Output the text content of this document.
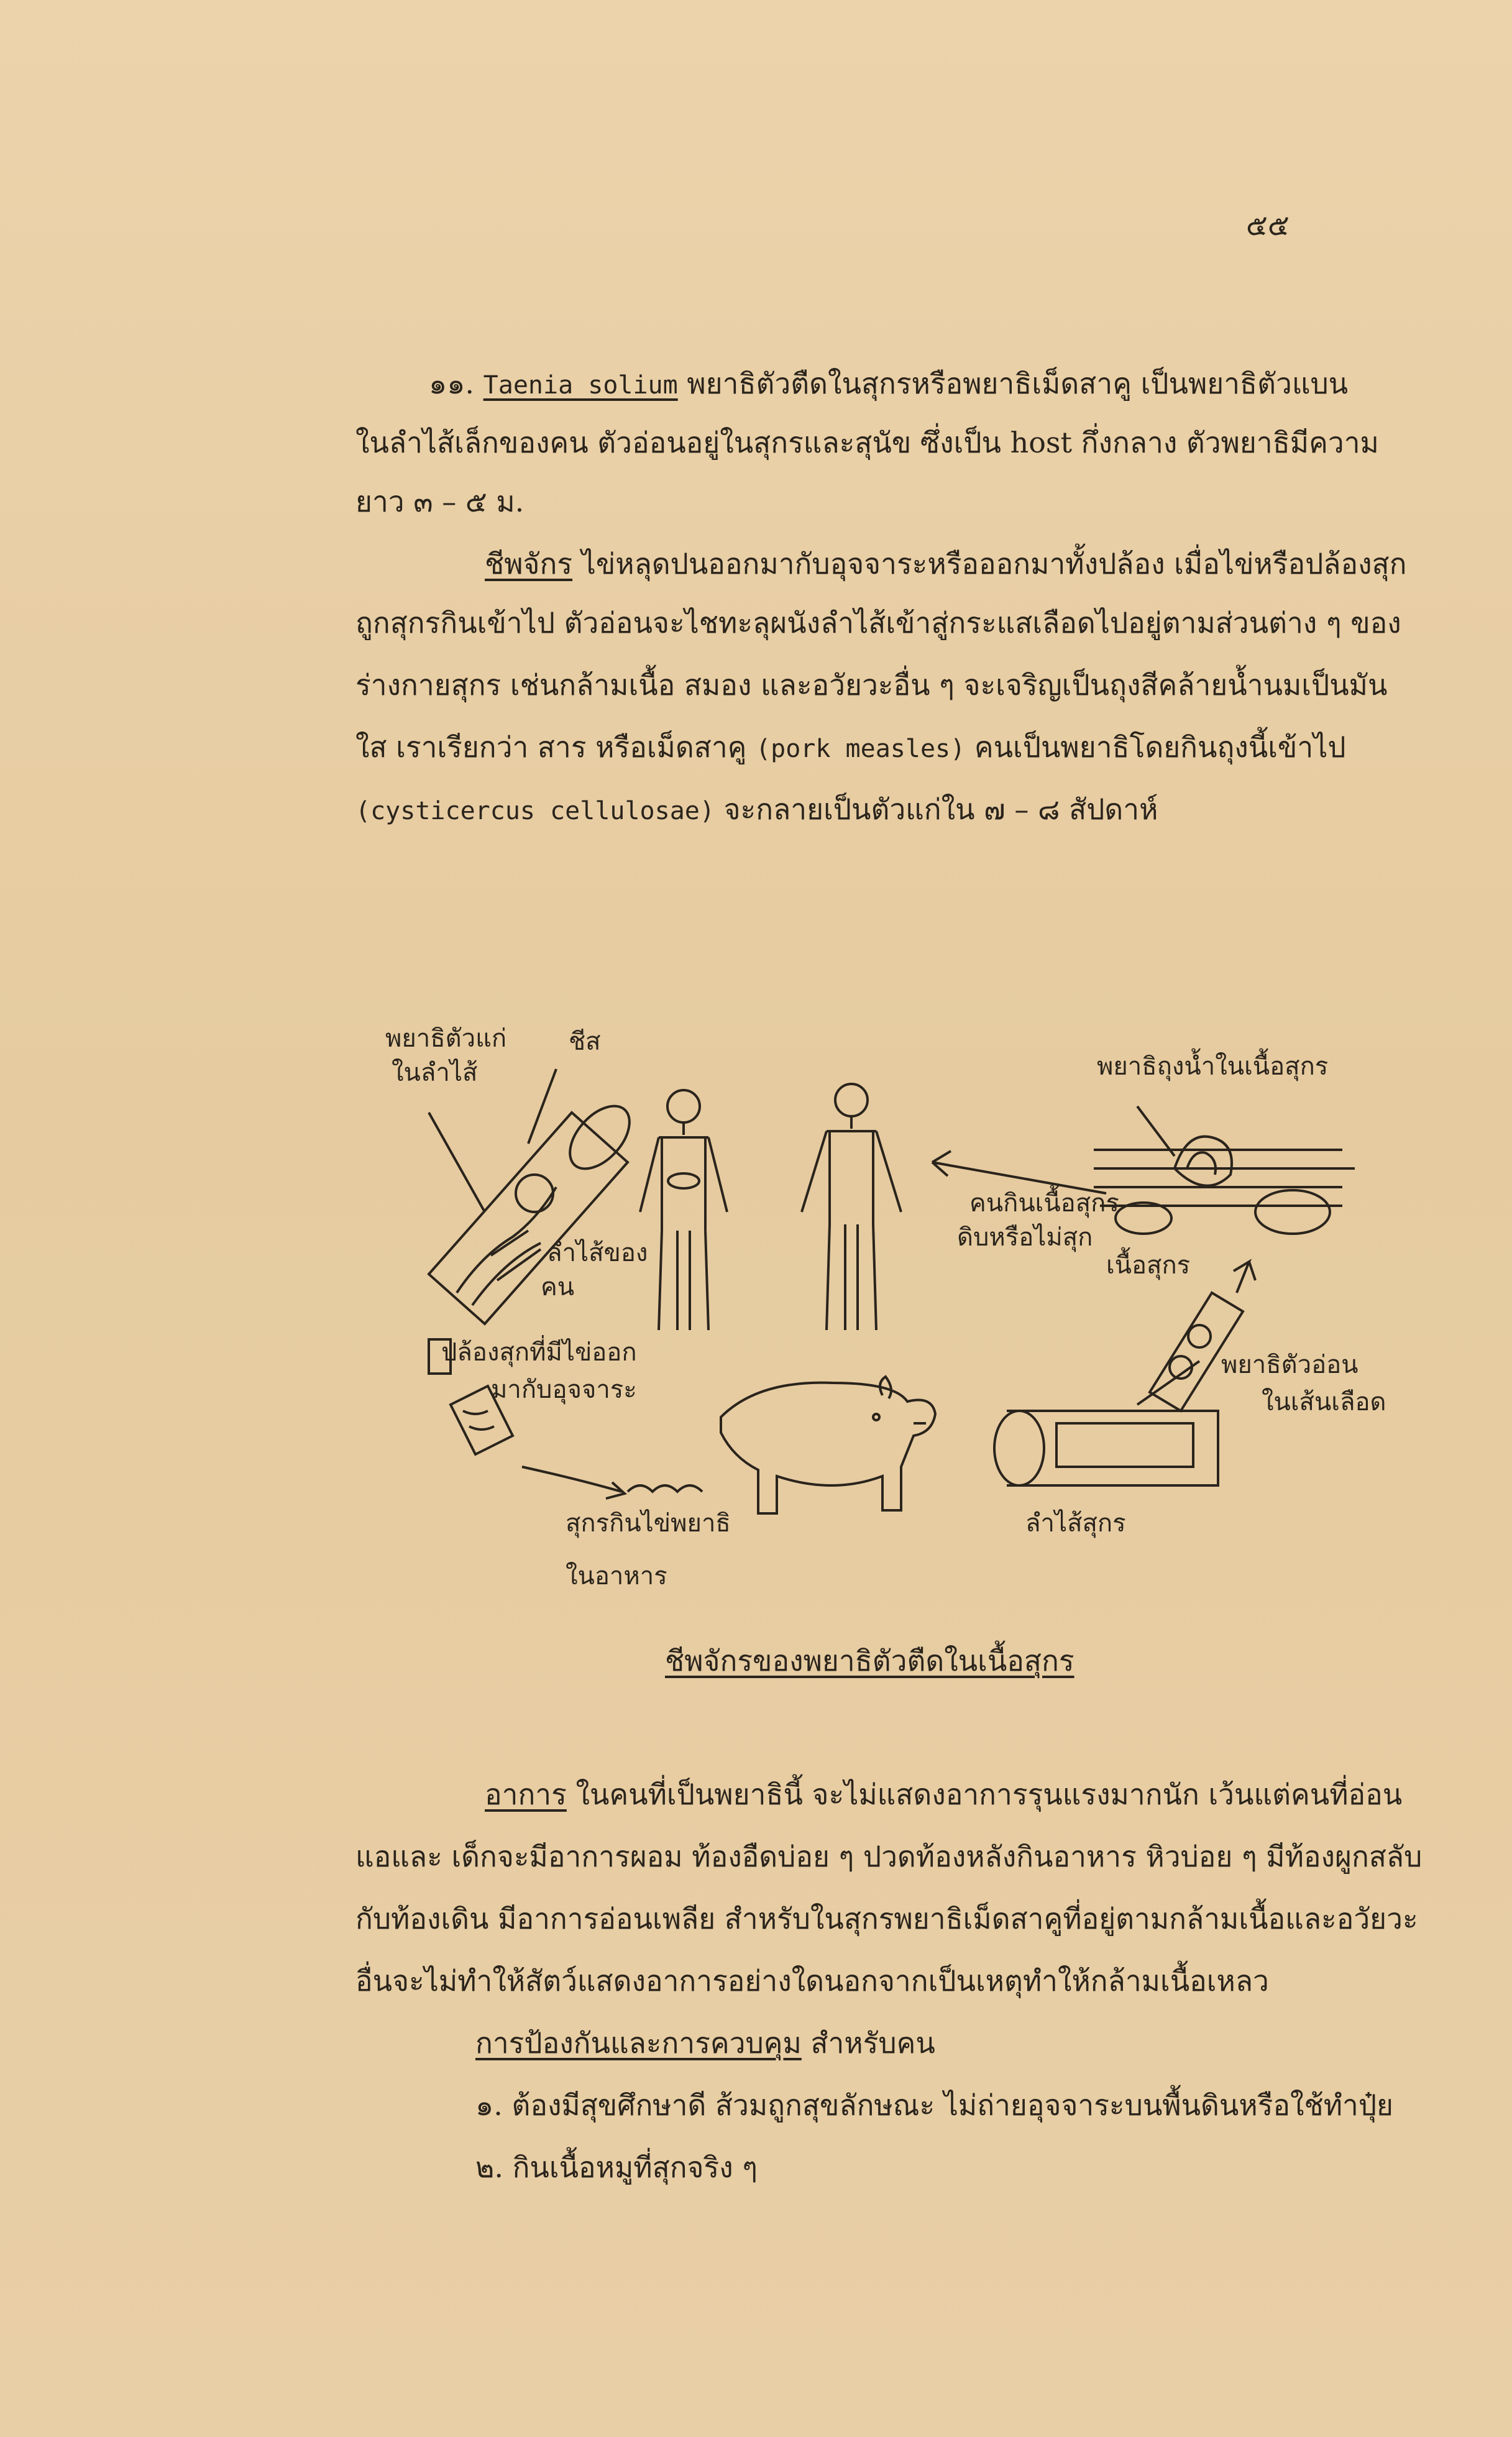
๕๕
๑๑. Taenia solium พยาธิตัวตืดในสุกรหรือพยาธิเม็ดสาคู เป็นพยาธิตัวแบน
ในลำไส้เล็กของคน ตัวอ่อนอยู่ในสุกรและสุนัข ซึ่งเป็น host กึ่งกลาง ตัวพยาธิมีความ
ยาว ๓ – ๕ ม.
ชีพจักร ไข่หลุดปนออกมากับอุจจาระหรือออกมาทั้งปล้อง เมื่อไข่หรือปล้องสุก
ถูกสุกรกินเข้าไป ตัวอ่อนจะไชทะลุผนังลำไส้เข้าสู่กระแสเลือดไปอยู่ตามส่วนต่าง ๆ ของ
ร่างกายสุกร เช่นกล้ามเนื้อ สมอง และอวัยวะอื่น ๆ จะเจริญเป็นถุงสีคล้ายน้ำนมเป็นมัน
ใส เราเรียกว่า สาร หรือเม็ดสาคู (pork measles) คนเป็นพยาธิโดยกินถุงนี้เข้าไป
(cysticercus cellulosae) จะกลายเป็นตัวแก่ใน ๗ – ๘ สัปดาห์
พยาธิตัวแก่
ในลำไส้
ชีส
ลำไส้ของ
คน
ปล้องสุกที่มีไข่ออก
มากับอุจจาระ
สุกรกินไข่พยาธิ
ในอาหาร
คนกินเนื้อสุกร
ดิบหรือไม่สุก
พยาธิถุงน้ำในเนื้อสุกร
เนื้อสุกร
พยาธิตัวอ่อน
ในเส้นเลือด
ลำไส้สุกร
ชีพจักรของพยาธิตัวตืดในเนื้อสุกร
อาการ ในคนที่เป็นพยาธินี้ จะไม่แสดงอาการรุนแรงมากนัก เว้นแต่คนที่อ่อน
แอและ เด็กจะมีอาการผอม ท้องอืดบ่อย ๆ ปวดท้องหลังกินอาหาร หิวบ่อย ๆ มีท้องผูกสลับ
กับท้องเดิน มีอาการอ่อนเพลีย สำหรับในสุกรพยาธิเม็ดสาคูที่อยู่ตามกล้ามเนื้อและอวัยวะ
อื่นจะไม่ทำให้สัตว์แสดงอาการอย่างใดนอกจากเป็นเหตุทำให้กล้ามเนื้อเหลว
การป้องกันและการควบคุม สำหรับคน
๑. ต้องมีสุขศึกษาดี ส้วมถูกสุขลักษณะ ไม่ถ่ายอุจจาระบนพื้นดินหรือใช้ทำปุ๋ย
๒. กินเนื้อหมูที่สุกจริง ๆ
